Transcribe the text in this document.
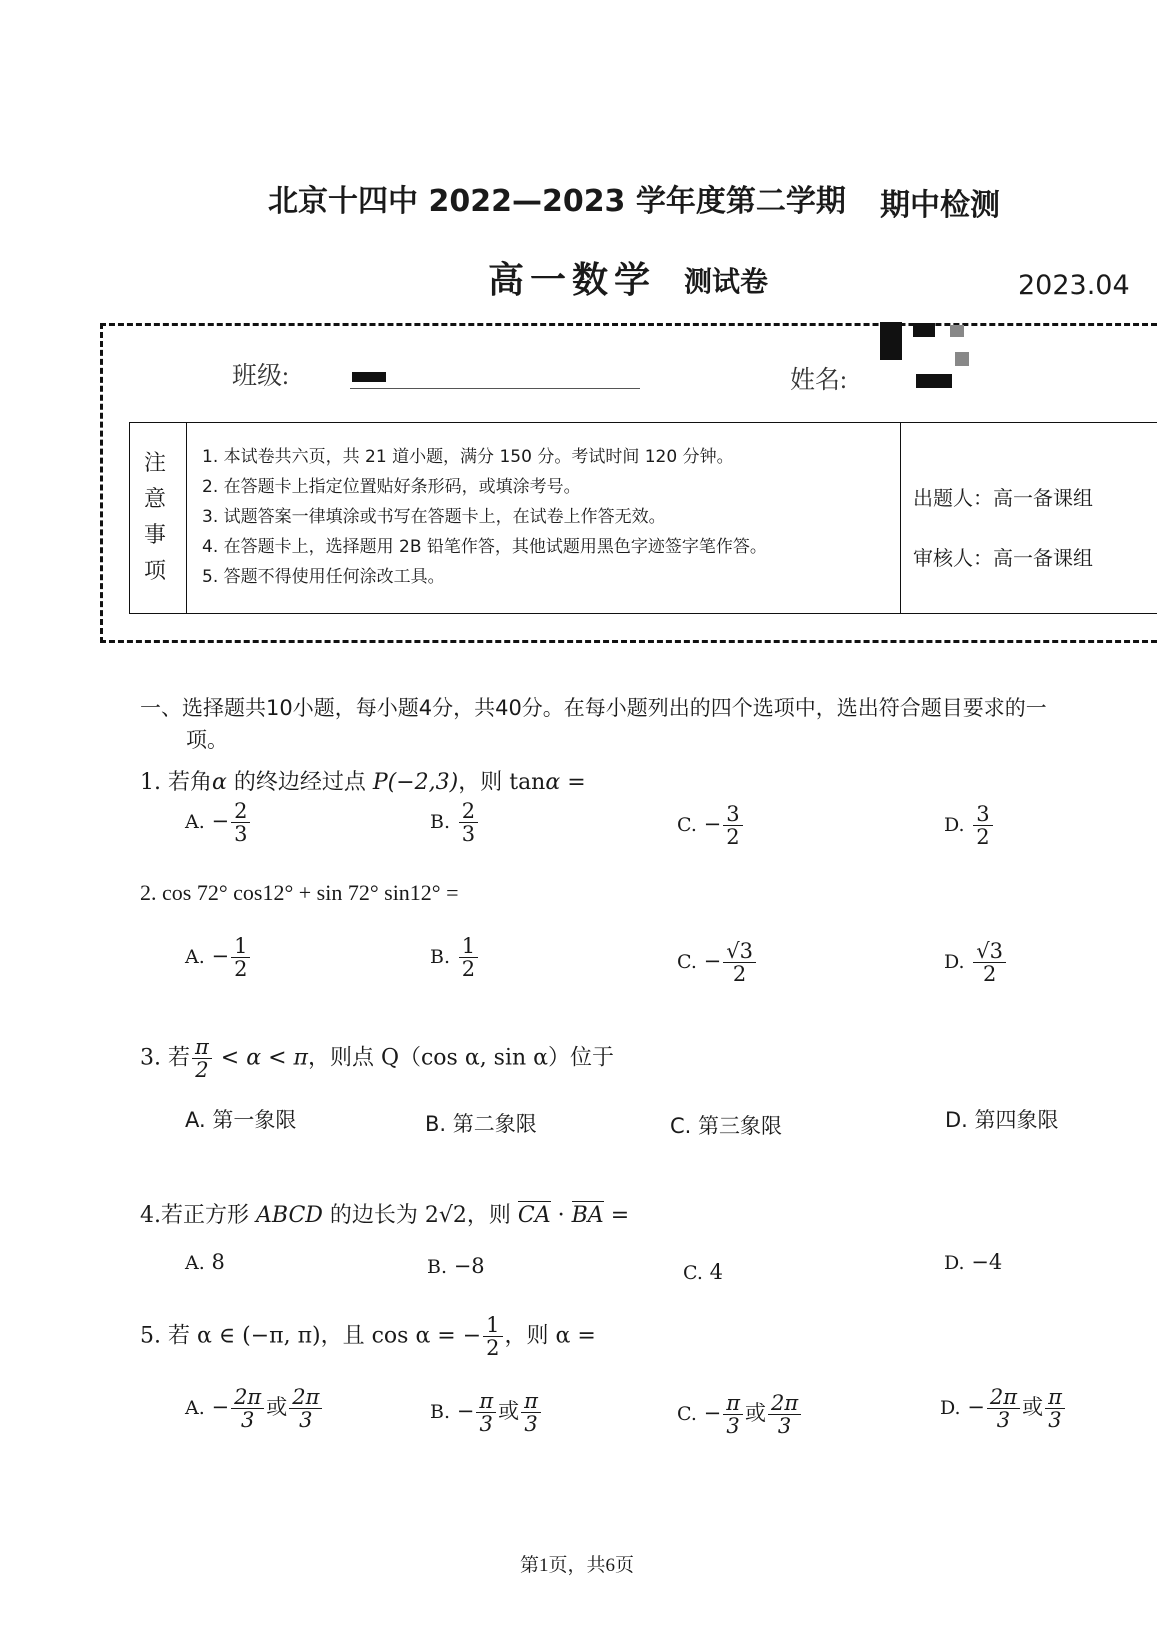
北京十四中 2022—2023 学年度第二学期 期中检测
高一数学 测试卷	2023.04
班级:	姓名:
注意事项
1. 本试卷共六页，共 21 道小题，满分 150 分。考试时间 120 分钟。
2. 在答题卡上指定位置贴好条形码，或填涂考号。
3. 试题答案一律填涂或书写在答题卡上，在试卷上作答无效。
4. 在答题卡上，选择题用 2B 铅笔作答，其他试题用黑色字迹签字笔作答。
5. 答题不得使用任何涂改工具。
出题人：高一备课组
审核人：高一备课组
一、选择题共10小题，每小题4分，共40分。在每小题列出的四个选项中，选出符合题目要求的一
项。
1. 若角α 的终边经过点 P(−2,3)，则 tanα =
A. − $\frac{2}{3}$	B. $\frac{2}{3}$	C. − $\frac{3}{2}$	D. $\frac{3}{2}$
2. cos 72° cos12° + sin 72° sin12° =
A. − $\frac{1}{2}$	B. $\frac{1}{2}$	C. − $\frac{√3}{2}$	D. $\frac{√3}{2}$
3. 若 $\frac{\pi}{2} < \alpha < \pi$，则点 Q（cos α, sin α）位于
A. 第一象限	B. 第二象限	C. 第三象限	D. 第四象限
4.若正方形 ABCD 的边长为 2√2，则 CA · BA =
A. 8	B. −8	C. 4	D. −4
5. 若 α ∈ (−π, π)，且 cos α = − $\frac{1}{2}$ ，则 α =
A. − $\frac{2\pi}{3}$ 或 $\frac{2\pi}{3}$	B. − $\frac{\pi}{3}$ 或 $\frac{\pi}{3}$	C. − $\frac{\pi}{3}$ 或 $\frac{2\pi}{3}$	D. − $\frac{2\pi}{3}$ 或 $\frac{\pi}{3}$
第1页，共6页
